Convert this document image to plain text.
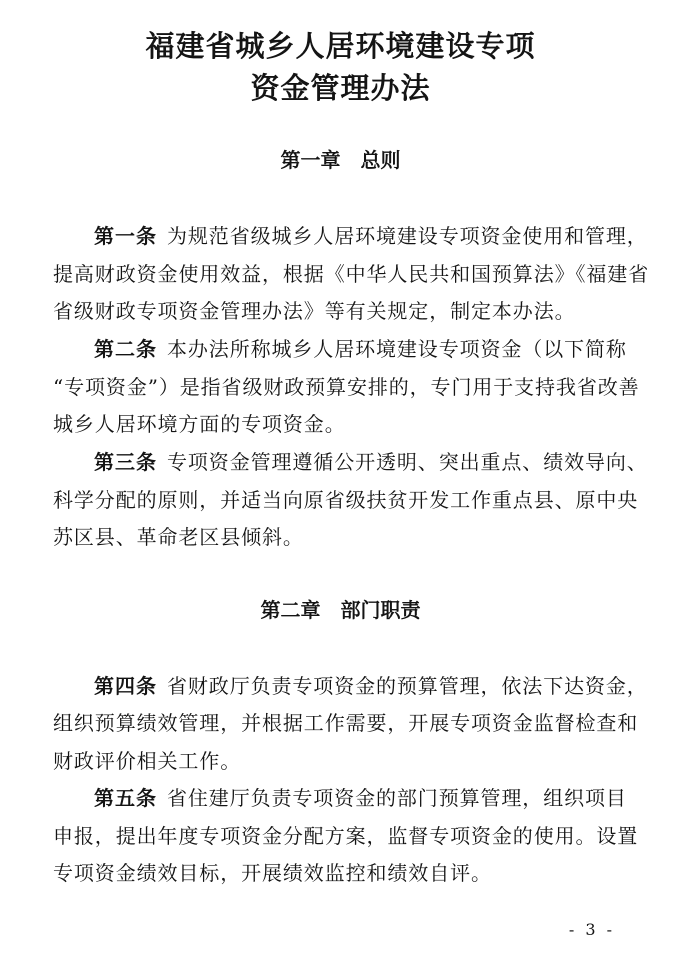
福建省城乡人居环境建设专项
资金管理办法
第一章　总则
第一条 为规范省级城乡人居环境建设专项资金使用和管理，
提高财政资金使用效益，根据《中华人民共和国预算法》《福建省
省级财政专项资金管理办法》等有关规定，制定本办法。
第二条 本办法所称城乡人居环境建设专项资金（以下简称
“专项资金”）是指省级财政预算安排的，专门用于支持我省改善
城乡人居环境方面的专项资金。
第三条 专项资金管理遵循公开透明、突出重点、绩效导向、
科学分配的原则，并适当向原省级扶贫开发工作重点县、原中央
苏区县、革命老区县倾斜。
第二章　部门职责
第四条 省财政厅负责专项资金的预算管理，依法下达资金，
组织预算绩效管理，并根据工作需要，开展专项资金监督检查和
财政评价相关工作。
第五条 省住建厅负责专项资金的部门预算管理，组织项目
申报，提出年度专项资金分配方案，监督专项资金的使用。设置
专项资金绩效目标，开展绩效监控和绩效自评。
- 3 -
